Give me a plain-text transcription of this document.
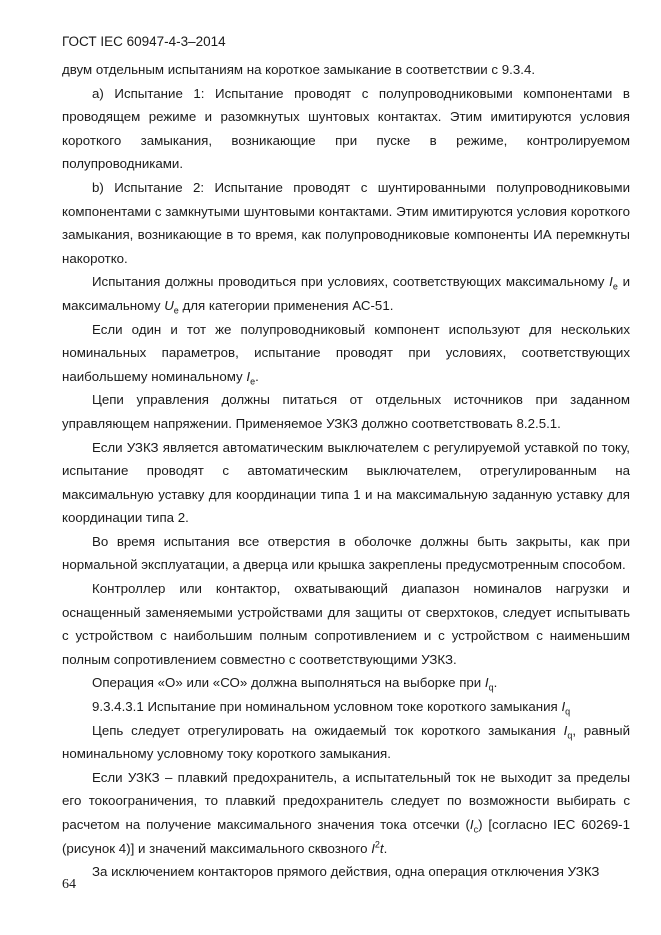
ГОСТ IEC 60947-4-3–2014

двум отдельным испытаниям на короткое замыкание в соответствии с 9.3.4.

a) Испытание 1: Испытание проводят с полупроводниковыми компонентами в проводящем режиме и разомкнутых шунтовых контактах. Этим имитируются условия короткого замыкания, возникающие при пуске в режиме, контролируемом полупроводниками.

b) Испытание 2: Испытание проводят с шунтированными полупроводниковыми компонентами с замкнутыми шунтовыми контактами. Этим имитируются условия короткого замыкания, возникающие в то время, как полупроводниковые компоненты ИА перемкнуты накоротко.

Испытания должны проводиться при условиях, соответствующих максимальному $I_e$ и максимальному $U_e$ для категории применения АС-51.

Если один и тот же полупроводниковый компонент используют для нескольких номинальных параметров, испытание проводят при условиях, соответствующих наибольшему номинальному $I_e$.

Цепи управления должны питаться от отдельных источников при заданном управляющем напряжении. Применяемое УЗКЗ должно соответствовать 8.2.5.1.

Если УЗКЗ является автоматическим выключателем с регулируемой уставкой по току, испытание проводят с автоматическим выключателем, отрегулированным на максимальную уставку для координации типа 1 и на максимальную заданную уставку для координации типа 2.

Во время испытания все отверстия в оболочке должны быть закрыты, как при нормальной эксплуатации, а дверца или крышка закреплены предусмотренным способом.

Контроллер или контактор, охватывающий диапазон номиналов нагрузки и оснащенный заменяемыми устройствами для защиты от сверхтоков, следует испытывать с устройством с наибольшим полным сопротивлением и с устройством с наименьшим полным сопротивлением совместно с соответствующими УЗКЗ.

Операция «О» или «СО» должна выполняться на выборке при $I_q$.

9.3.4.3.1 Испытание при номинальном условном токе короткого замыкания $I_q$

Цепь следует отрегулировать на ожидаемый ток короткого замыкания $I_q$, равный номинальному условному току короткого замыкания.

Если УЗКЗ – плавкий предохранитель, а испытательный ток не выходит за пределы его токоограничения, то плавкий предохранитель следует по возможности выбирать с расчетом на получение максимального значения тока отсечки $(I_c)$ [согласно IEC 60269-1 (рисунок 4)] и значений максимального сквозного $I^2t$.

За исключением контакторов прямого действия, одна операция отключения УЗКЗ

64
